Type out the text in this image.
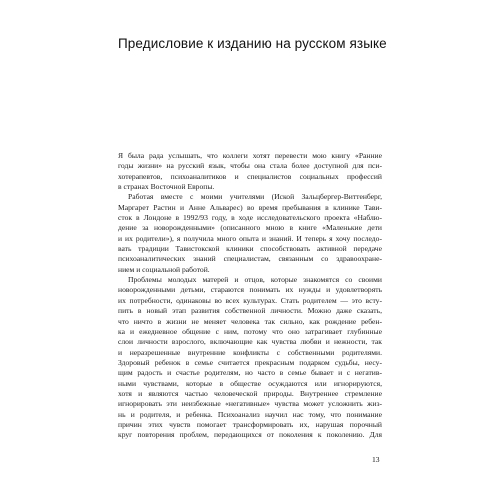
Предисловие к изданию на русском языке
Я была рада услышать, что коллеги хотят перевести мою книгу «Ранние
годы жизни» на русский язык, чтобы она стала более доступной для пси-
хотерапевтов, психоаналитиков и специалистов социальных профессий
в странах Восточной Европы.
Работая вместе с моими учителями (Иской Зальцбергер-Виттенберг,
Маргарет Растин и Анне Альварес) во время пребывания в клинике Тави-
сток в Лондоне в 1992/93 году, в ходе исследовательского проекта «Наблю-
дение за новорожденными» (описанного мною в книге «Маленькие дети
и их родители»), я получила много опыта и знаний. И теперь я хочу последо-
вать традиции Тавистокской клиники способствовать активной передаче
психоаналитических знаний специалистам, связанным со здравоохране-
нием и социальной работой.
Проблемы молодых матерей и отцов, которые знакомятся со своими
новорожденными детьми, стараются понимать их нужды и удовлетворять
их потребности, одинаковы во всех культурах. Стать родителем — это всту-
пить в новый этап развития собственной личности. Можно даже сказать,
что ничто в жизни не меняет человека так сильно, как рождение ребен-
ка и ежедневное общение с ним, потому что оно затрагивает глубинные
слои личности взрослого, включающие как чувства любви и нежности, так
и неразрешенные внутренние конфликты с собственными родителями.
Здоровый ребенок в семье считается прекрасным подарком судьбы, несу-
щим радость и счастье родителям, но часто в семье бывает и с негатив-
ными чувствами, которые в обществе осуждаются или игнорируются,
хотя и являются частью человеческой природы. Внутреннее стремление
игнорировать эти неизбежные «негативные» чувства может усложнить жиз-
нь и родителя, и ребенка. Психоанализ научил нас тому, что понимание
причин этих чувств помогает трансформировать их, нарушая порочный
круг повторения проблем, передающихся от поколения к поколению. Для
13
